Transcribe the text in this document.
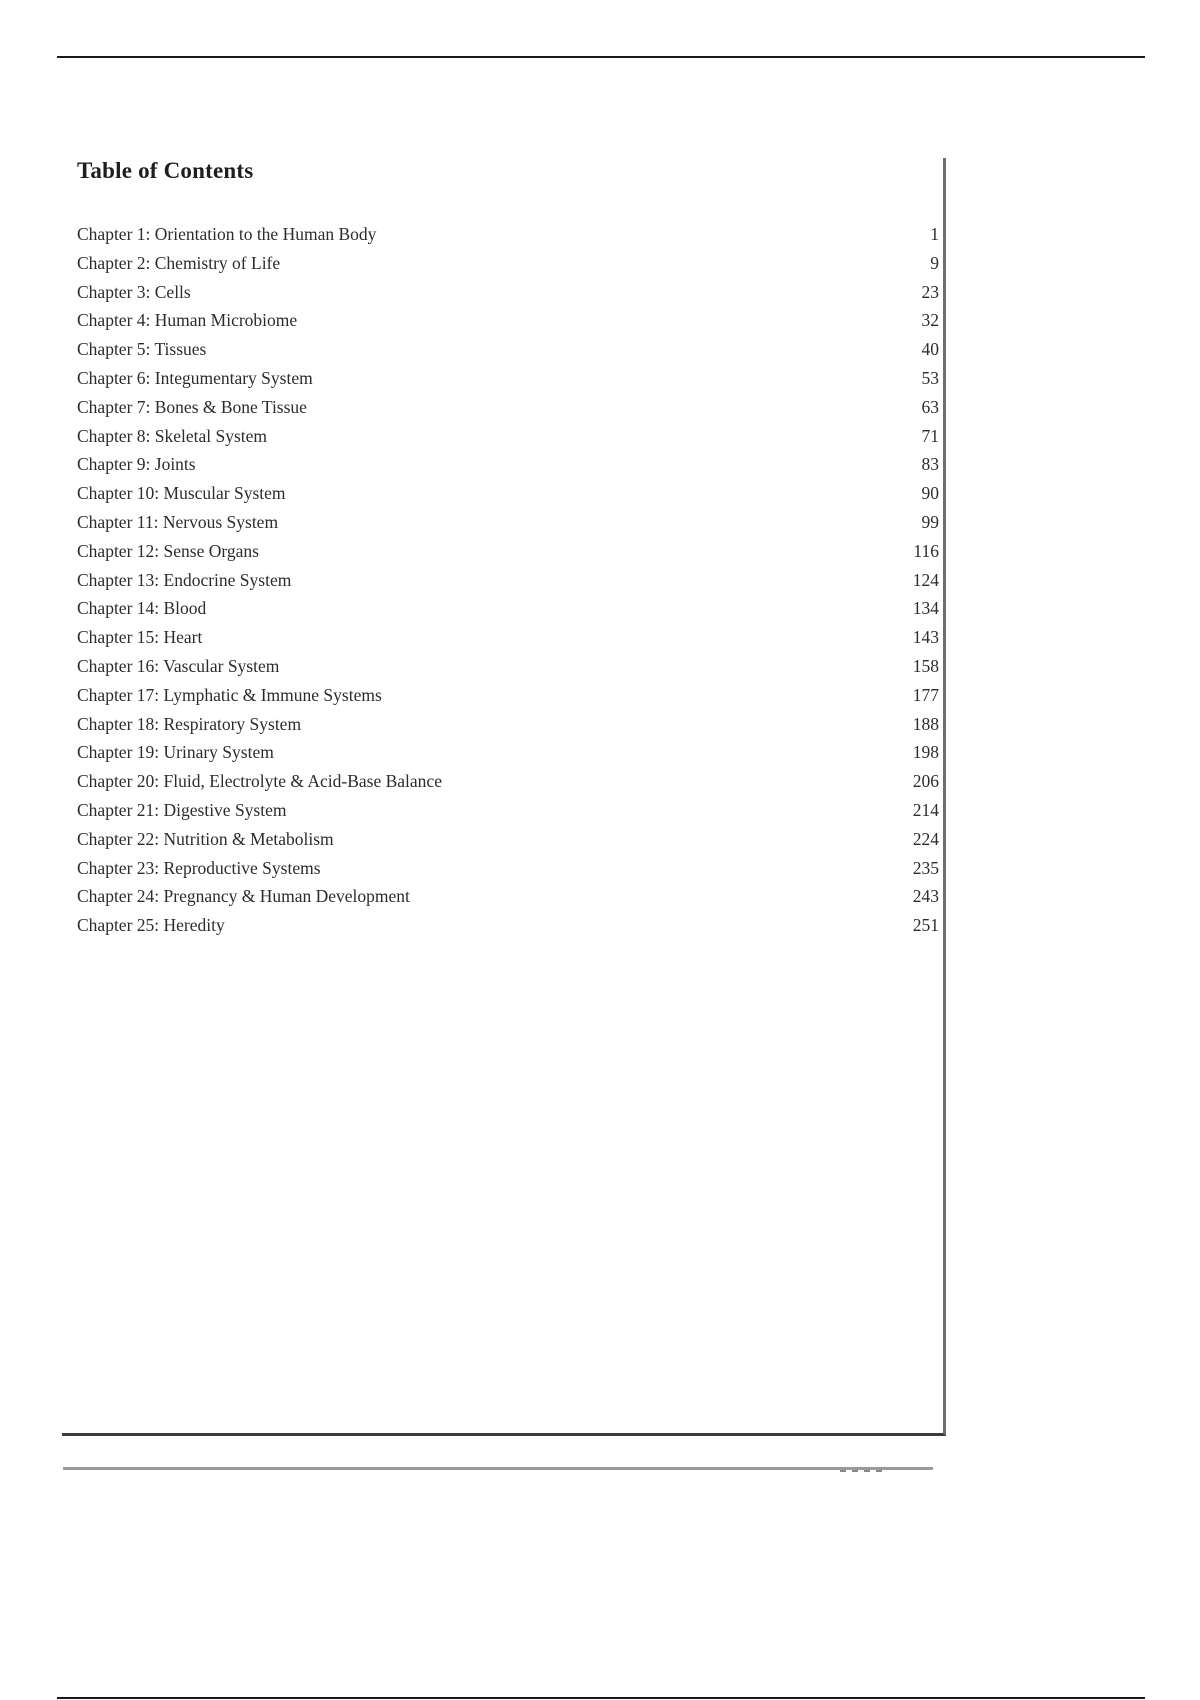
Table of Contents
Chapter 1: Orientation to the Human Body	1
Chapter 2: Chemistry of Life	9
Chapter 3: Cells	23
Chapter 4: Human Microbiome	32
Chapter 5: Tissues	40
Chapter 6: Integumentary System	53
Chapter 7: Bones & Bone Tissue	63
Chapter 8: Skeletal System	71
Chapter 9: Joints	83
Chapter 10: Muscular System	90
Chapter 11: Nervous System	99
Chapter 12: Sense Organs	116
Chapter 13: Endocrine System	124
Chapter 14: Blood	134
Chapter 15: Heart	143
Chapter 16: Vascular System	158
Chapter 17: Lymphatic & Immune Systems	177
Chapter 18: Respiratory System	188
Chapter 19: Urinary System	198
Chapter 20: Fluid, Electrolyte & Acid-Base Balance	206
Chapter 21: Digestive System	214
Chapter 22: Nutrition & Metabolism	224
Chapter 23: Reproductive Systems	235
Chapter 24: Pregnancy & Human Development	243
Chapter 25: Heredity	251
